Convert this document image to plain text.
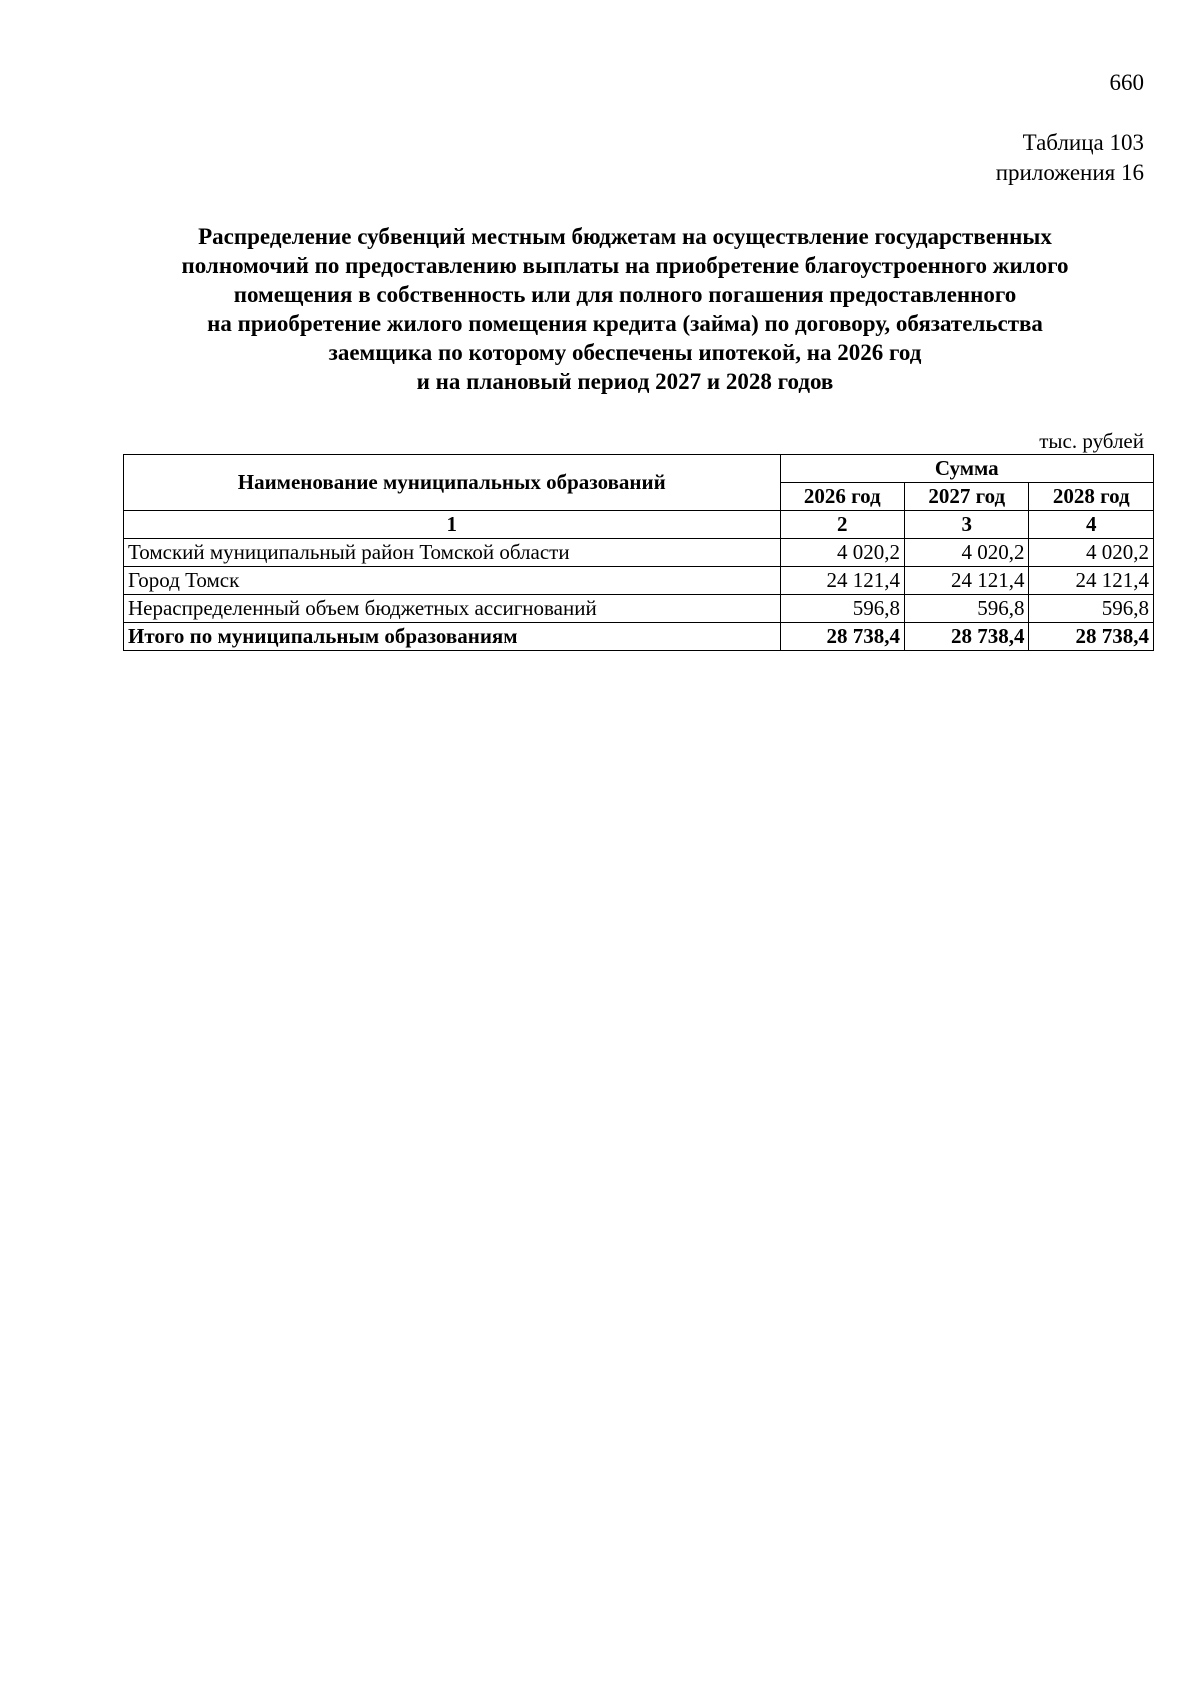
660
Таблица 103
приложения 16
Распределение субвенций местным бюджетам на осуществление государственных
полномочий по предоставлению выплаты на приобретение благоустроенного жилого
помещения в собственность или для полного погашения предоставленного
на приобретение жилого помещения кредита (займа) по договору, обязательства
заемщика по которому обеспечены ипотекой, на 2026 год
и на плановый период 2027 и 2028 годов
тыс. рублей
Наименование муниципальных образований	Сумма		
	2026 год	2027 год	2028 год
1	2	3	4
Томский муниципальный район Томской области	4 020,2	4 020,2	4 020,2
Город Томск	24 121,4	24 121,4	24 121,4
Нераспределенный объем бюджетных ассигнований	596,8	596,8	596,8
Итого по муниципальным образованиям	28 738,4	28 738,4	28 738,4
